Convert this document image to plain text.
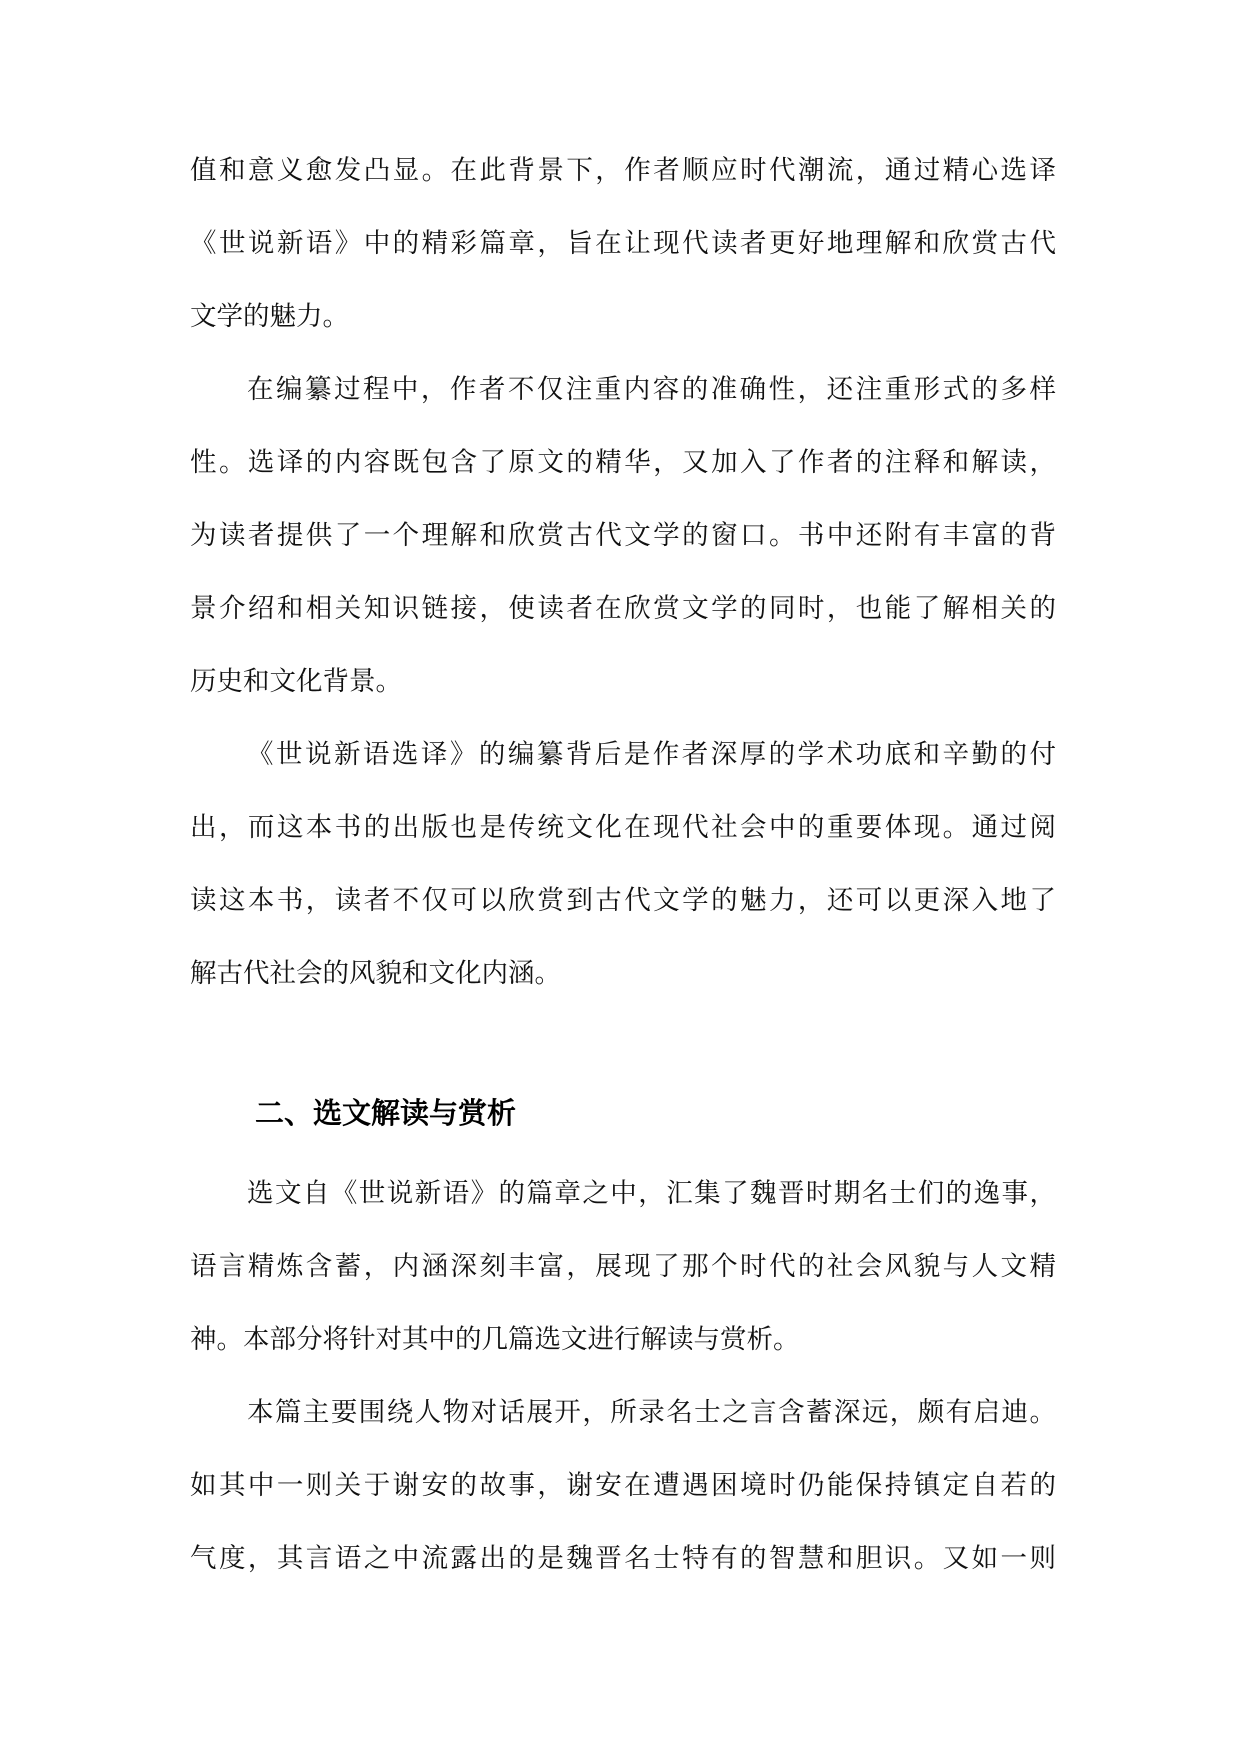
值和意义愈发凸显。在此背景下，作者顺应时代潮流，通过精心选译
《世说新语》中的精彩篇章，旨在让现代读者更好地理解和欣赏古代
文学的魅力。
在编纂过程中，作者不仅注重内容的准确性，还注重形式的多样
性。选译的内容既包含了原文的精华，又加入了作者的注释和解读，
为读者提供了一个理解和欣赏古代文学的窗口。书中还附有丰富的背
景介绍和相关知识链接，使读者在欣赏文学的同时，也能了解相关的
历史和文化背景。
《世说新语选译》的编纂背后是作者深厚的学术功底和辛勤的付
出，而这本书的出版也是传统文化在现代社会中的重要体现。通过阅
读这本书，读者不仅可以欣赏到古代文学的魅力，还可以更深入地了
解古代社会的风貌和文化内涵。
二、选文解读与赏析
选文自《世说新语》的篇章之中，汇集了魏晋时期名士们的逸事，
语言精炼含蓄，内涵深刻丰富，展现了那个时代的社会风貌与人文精
神。本部分将针对其中的几篇选文进行解读与赏析。
本篇主要围绕人物对话展开，所录名士之言含蓄深远，颇有启迪。
如其中一则关于谢安的故事，谢安在遭遇困境时仍能保持镇定自若的
气度，其言语之中流露出的是魏晋名士特有的智慧和胆识。又如一则
